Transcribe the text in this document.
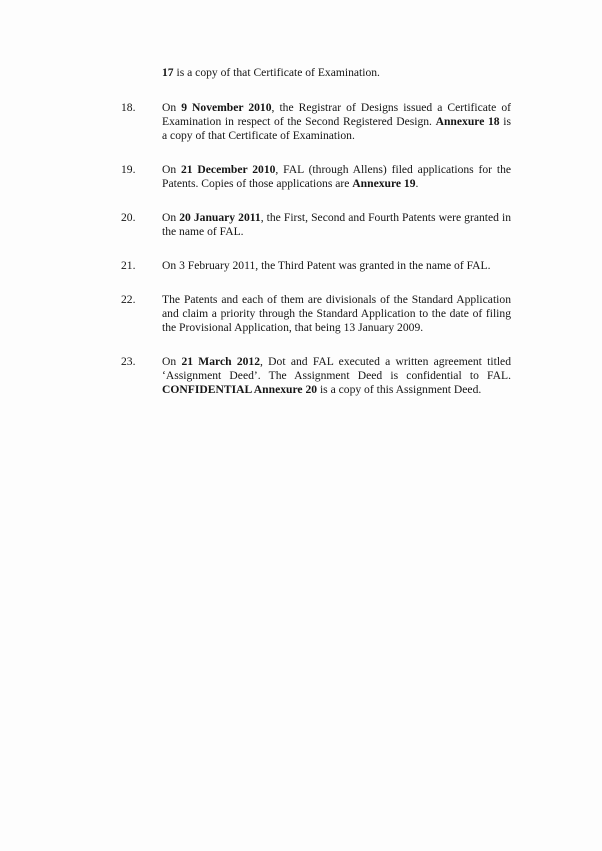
17 is a copy of that Certificate of Examination.

18.	On 9 November 2010, the Registrar of Designs issued a Certificate of Examination in respect of the Second Registered Design. Annexure 18 is a copy of that Certificate of Examination.

19.	On 21 December 2010, FAL (through Allens) filed applications for the Patents. Copies of those applications are Annexure 19.

20.	On 20 January 2011, the First, Second and Fourth Patents were granted in the name of FAL.

21.	On 3 February 2011, the Third Patent was granted in the name of FAL.

22.	The Patents and each of them are divisionals of the Standard Application and claim a priority through the Standard Application to the date of filing the Provisional Application, that being 13 January 2009.

23.	On 21 March 2012, Dot and FAL executed a written agreement titled ‘Assignment Deed’. The Assignment Deed is confidential to FAL. CONFIDENTIAL Annexure 20 is a copy of this Assignment Deed.
